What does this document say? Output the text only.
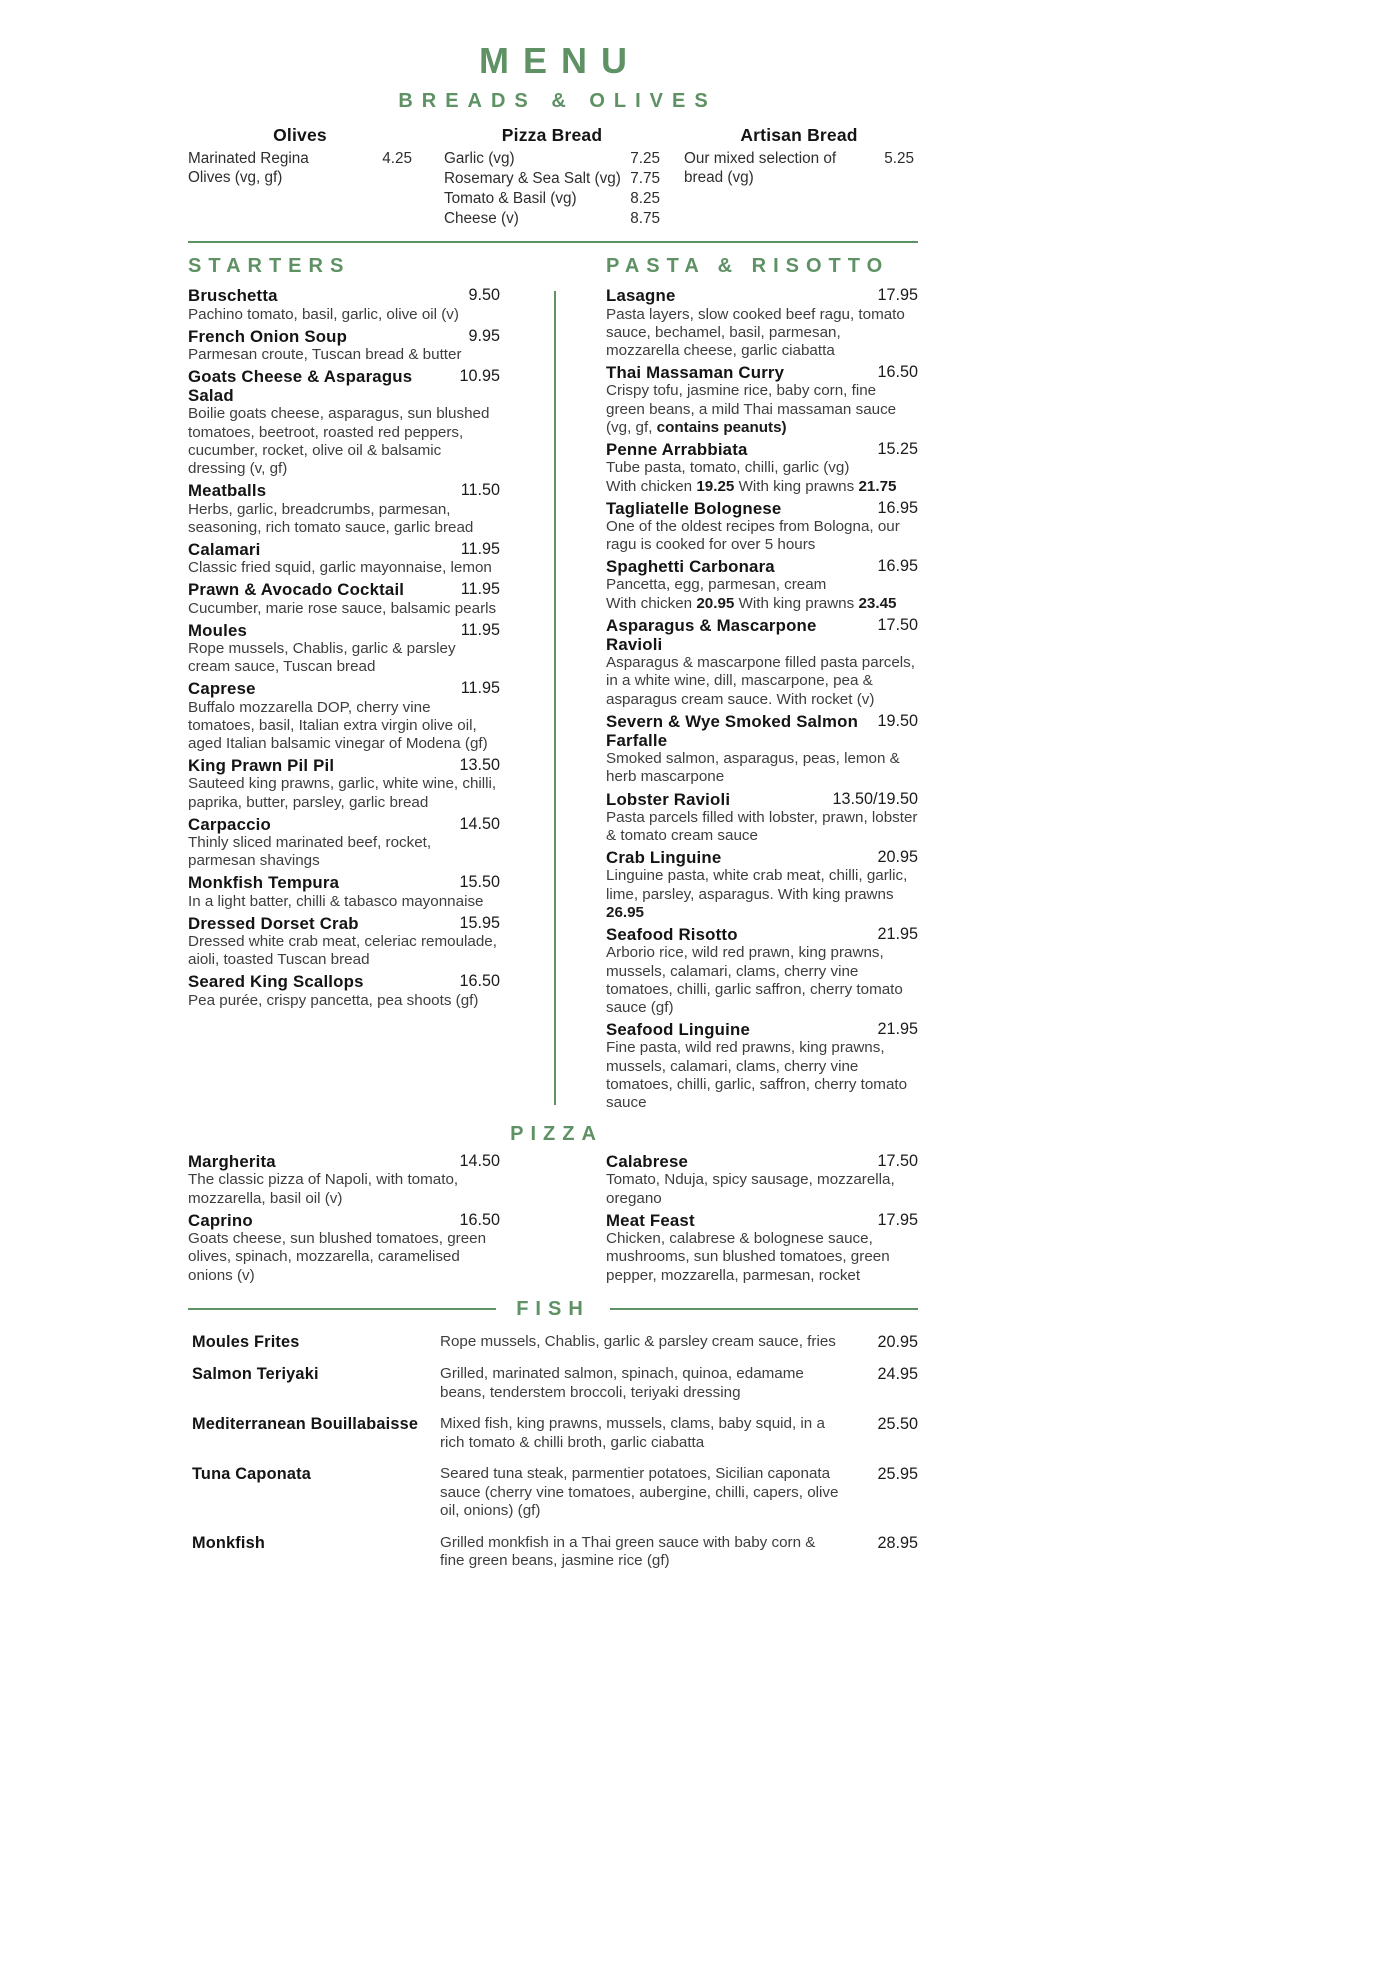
MENU
BREADS & OLIVES
Olives
Marinated Regina Olives (vg, gf)
4.25
Pizza Bread
Garlic (vg)	7.25
Rosemary & Sea Salt (vg) 7.75
Tomato & Basil (vg)	8.25
Cheese (v)	8.75
Artisan Bread
Our mixed selection of bread (vg)
5.25
STARTERS
Bruschetta	9.50
Pachino tomato, basil, garlic, olive oil (v)
French Onion Soup	9.95
Parmesan croute, Tuscan bread & butter
Goats Cheese & Asparagus Salad
10.95
Boilie goats cheese, asparagus, sun blushed tomatoes, beetroot, roasted red peppers, cucumber, rocket, olive oil & balsamic dressing (v, gf)
Meatballs	11.50
Herbs, garlic, breadcrumbs, parmesan, seasoning, rich tomato sauce, garlic bread
Calamari	11.95
Classic fried squid, garlic mayonnaise, lemon
Prawn & Avocado Cocktail	11.95
Cucumber, marie rose sauce, balsamic pearls
Moules	11.95
Rope mussels, Chablis, garlic & parsley cream sauce, Tuscan bread
Caprese	11.95
Buffalo mozzarella DOP, cherry vine tomatoes, basil, Italian extra virgin olive oil, aged Italian balsamic vinegar of Modena (gf)
King Prawn Pil Pil	13.50
Sauteed king prawns, garlic, white wine, chilli, paprika, butter, parsley, garlic bread
Carpaccio	14.50
Thinly sliced marinated beef, rocket, parmesan shavings
Monkfish Tempura	15.50
In a light batter, chilli & tabasco mayonnaise
Dressed Dorset Crab	15.95
Dressed white crab meat, celeriac remoulade, aioli, toasted Tuscan bread
Seared King Scallops	16.50
Pea purée, crispy pancetta, pea shoots (gf)
PASTA & RISOTTO
Lasagne	17.95
Pasta layers, slow cooked beef ragu, tomato sauce, bechamel, basil, parmesan, mozzarella cheese, garlic ciabatta
Thai Massaman Curry	16.50
Crispy tofu, jasmine rice, baby corn, fine green beans, a mild Thai massaman sauce (vg, gf, contains peanuts)
Penne Arrabbiata	15.25
Tube pasta, tomato, chilli, garlic (vg)
With chicken 19.25 With king prawns 21.75
Tagliatelle Bolognese	16.95
One of the oldest recipes from Bologna, our ragu is cooked for over 5 hours
Spaghetti Carbonara	16.95
Pancetta, egg, parmesan, cream
With chicken 20.95 With king prawns 23.45
Asparagus & Mascarpone Ravioli
17.50
Asparagus & mascarpone filled pasta parcels, in a white wine, dill, mascarpone, pea & asparagus cream sauce. With rocket (v)
Severn & Wye Smoked Salmon Farfalle
19.50
Smoked salmon, asparagus, peas, lemon & herb mascarpone
Lobster Ravioli	13.50/19.50
Pasta parcels filled with lobster, prawn, lobster & tomato cream sauce
Crab Linguine	20.95
Linguine pasta, white crab meat, chilli, garlic, lime, parsley, asparagus. With king prawns 26.95
Seafood Risotto	21.95
Arborio rice, wild red prawn, king prawns, mussels, calamari, clams, cherry vine tomatoes, chilli, garlic saffron, cherry tomato sauce (gf)
Seafood Linguine	21.95
Fine pasta, wild red prawns, king prawns, mussels, calamari, clams, cherry vine tomatoes, chilli, garlic, saffron, cherry tomato sauce
PIZZA
Margherita	14.50
The classic pizza of Napoli, with tomato, mozzarella, basil oil (v)
Caprino	16.50
Goats cheese, sun blushed tomatoes, green olives, spinach, mozzarella, caramelised onions (v)
Calabrese	17.50
Tomato, Nduja, spicy sausage, mozzarella, oregano
Meat Feast	17.95
Chicken, calabrese & bolognese sauce, mushrooms, sun blushed tomatoes, green pepper, mozzarella, parmesan, rocket
FISH
Moules Frites	Rope mussels, Chablis, garlic & parsley cream sauce, fries	20.95
Salmon Teriyaki	Grilled, marinated salmon, spinach, quinoa, edamame beans, tenderstem broccoli, teriyaki dressing
24.95
Mediterranean Bouillabaisse	Mixed fish, king prawns, mussels, clams, baby squid, in a rich tomato & chilli broth, garlic ciabatta
25.50
Tuna Caponata	Seared tuna steak, parmentier potatoes, Sicilian caponata sauce (cherry vine tomatoes, aubergine, chilli, capers, olive oil, onions) (gf)
25.95
Monkfish	Grilled monkfish in a Thai green sauce with baby corn & fine green beans, jasmine rice (gf)
28.95
